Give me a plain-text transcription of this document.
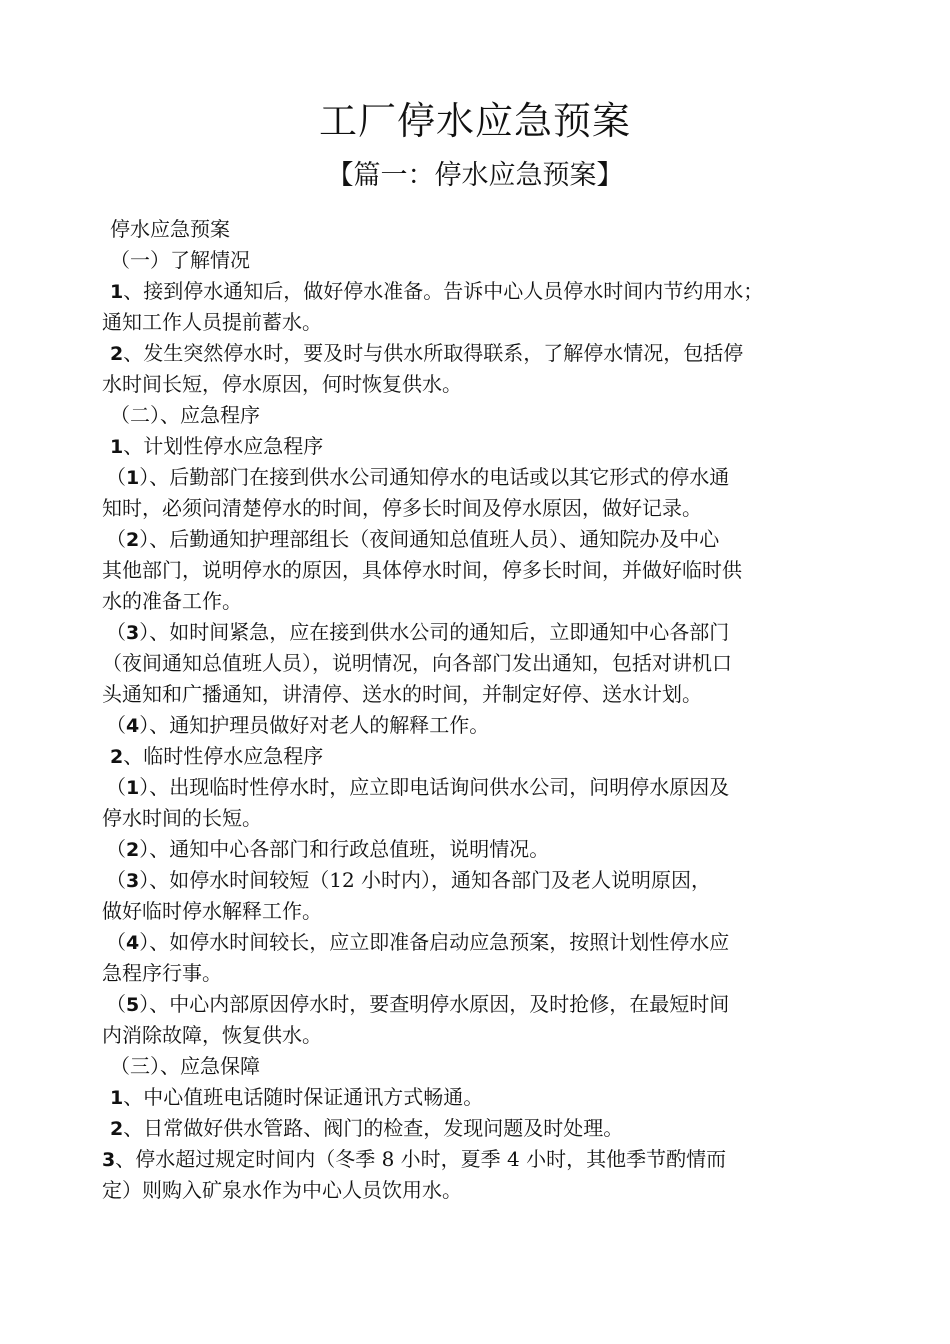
工厂停水应急预案
【篇一：停水应急预案】
停水应急预案
（一）了解情况
1、接到停水通知后，做好停水准备。告诉中心人员停水时间内节约用水；
通知工作人员提前蓄水。
2、发生突然停水时，要及时与供水所取得联系，了解停水情况，包括停
水时间长短，停水原因，何时恢复供水。
（二）、应急程序
1、计划性停水应急程序
（1）、后勤部门在接到供水公司通知停水的电话或以其它形式的停水通
知时，必须问清楚停水的时间，停多长时间及停水原因，做好记录。
（2）、后勤通知护理部组长（夜间通知总值班人员）、通知院办及中心
其他部门，说明停水的原因，具体停水时间，停多长时间，并做好临时供
水的准备工作。
（3）、如时间紧急，应在接到供水公司的通知后，立即通知中心各部门
（夜间通知总值班人员），说明情况，向各部门发出通知，包括对讲机口
头通知和广播通知，讲清停、送水的时间，并制定好停、送水计划。
（4）、通知护理员做好对老人的解释工作。
2、临时性停水应急程序
（1）、出现临时性停水时，应立即电话询问供水公司，问明停水原因及
停水时间的长短。
（2）、通知中心各部门和行政总值班，说明情况。
（3）、如停水时间较短（12 小时内），通知各部门及老人说明原因，
做好临时停水解释工作。
（4）、如停水时间较长，应立即准备启动应急预案，按照计划性停水应
急程序行事。
（5）、中心内部原因停水时，要查明停水原因，及时抢修，在最短时间
内消除故障，恢复供水。
（三）、应急保障
1、中心值班电话随时保证通讯方式畅通。
2、日常做好供水管路、阀门的检查，发现问题及时处理。
3、停水超过规定时间内（冬季 8 小时，夏季 4 小时，其他季节酌情而
定）则购入矿泉水作为中心人员饮用水。
